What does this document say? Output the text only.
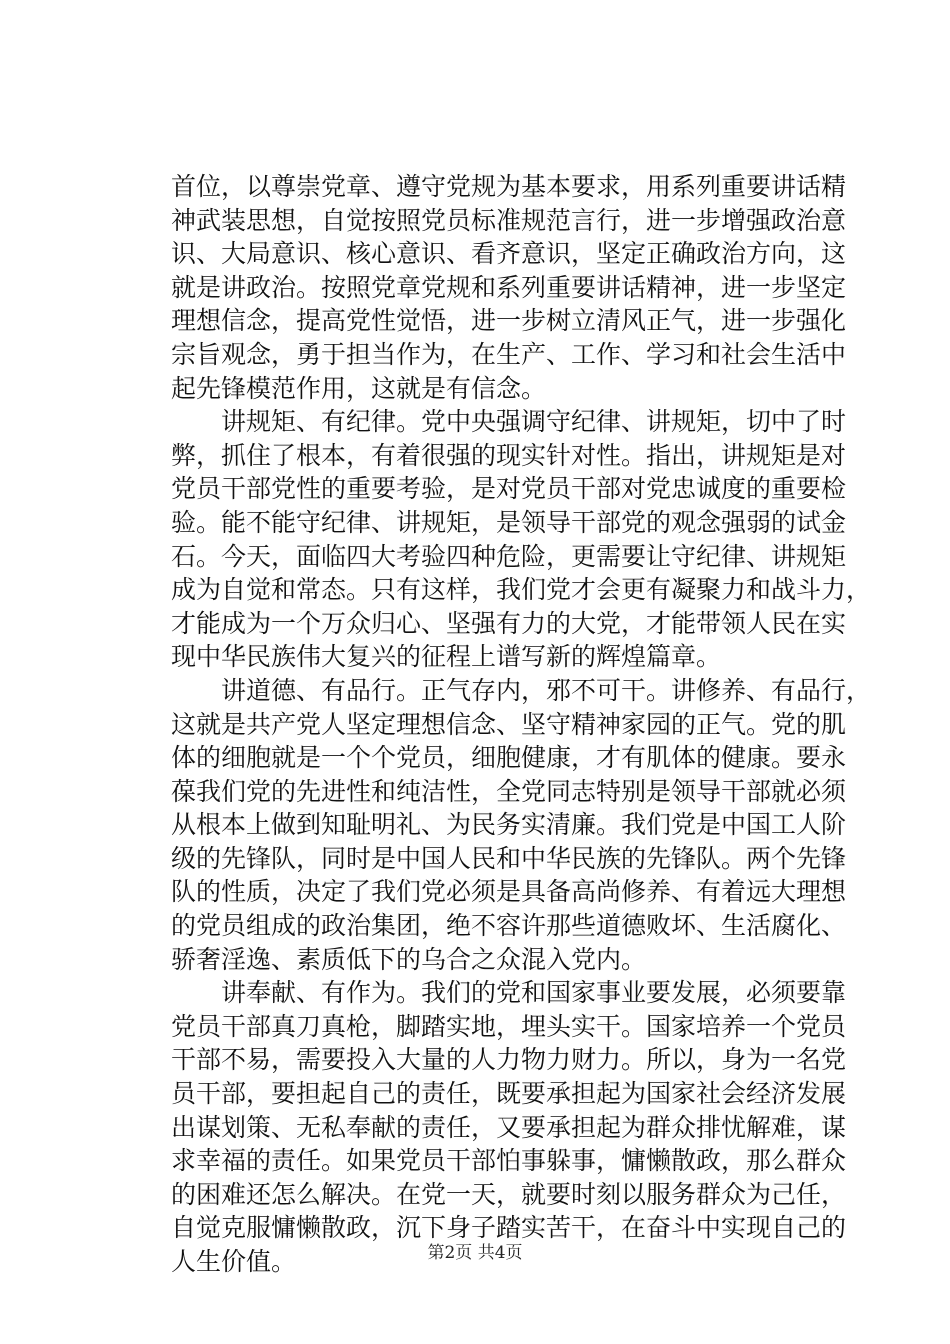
首位，以尊崇党章、遵守党规为基本要求，用系列重要讲话精
神武装思想，自觉按照党员标准规范言行，进一步增强政治意
识、大局意识、核心意识、看齐意识，坚定正确政治方向，这
就是讲政治。按照党章党规和系列重要讲话精神，进一步坚定
理想信念，提高党性觉悟，进一步树立清风正气，进一步强化
宗旨观念，勇于担当作为，在生产、工作、学习和社会生活中
起先锋模范作用，这就是有信念。
讲规矩、有纪律。党中央强调守纪律、讲规矩，切中了时
弊，抓住了根本，有着很强的现实针对性。指出，讲规矩是对
党员干部党性的重要考验，是对党员干部对党忠诚度的重要检
验。能不能守纪律、讲规矩，是领导干部党的观念强弱的试金
石。今天，面临四大考验四种危险，更需要让守纪律、讲规矩
成为自觉和常态。只有这样，我们党才会更有凝聚力和战斗力，
才能成为一个万众归心、坚强有力的大党，才能带领人民在实
现中华民族伟大复兴的征程上谱写新的辉煌篇章。
讲道德、有品行。正气存内，邪不可干。讲修养、有品行，
这就是共产党人坚定理想信念、坚守精神家园的正气。党的肌
体的细胞就是一个个党员，细胞健康，才有肌体的健康。要永
葆我们党的先进性和纯洁性，全党同志特别是领导干部就必须
从根本上做到知耻明礼、为民务实清廉。我们党是中国工人阶
级的先锋队，同时是中国人民和中华民族的先锋队。两个先锋
队的性质，决定了我们党必须是具备高尚修养、有着远大理想
的党员组成的政治集团，绝不容许那些道德败坏、生活腐化、
骄奢淫逸、素质低下的乌合之众混入党内。
讲奉献、有作为。我们的党和国家事业要发展，必须要靠
党员干部真刀真枪，脚踏实地，埋头实干。国家培养一个党员
干部不易，需要投入大量的人力物力财力。所以，身为一名党
员干部，要担起自己的责任，既要承担起为国家社会经济发展
出谋划策、无私奉献的责任，又要承担起为群众排忧解难，谋
求幸福的责任。如果党员干部怕事躲事，慵懒散政，那么群众
的困难还怎么解决。在党一天，就要时刻以服务群众为己任，
自觉克服慵懒散政，沉下身子踏实苦干，在奋斗中实现自己的
人生价值。	第2页 共4页
